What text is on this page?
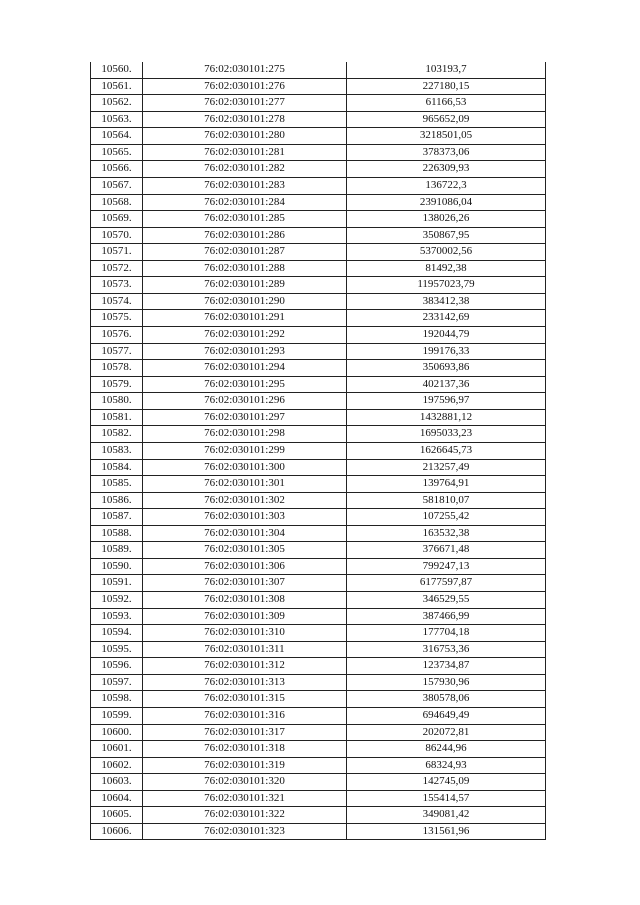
10560.	76:02:030101:275	103193,7
10561.	76:02:030101:276	227180,15
10562.	76:02:030101:277	61166,53
10563.	76:02:030101:278	965652,09
10564.	76:02:030101:280	3218501,05
10565.	76:02:030101:281	378373,06
10566.	76:02:030101:282	226309,93
10567.	76:02:030101:283	136722,3
10568.	76:02:030101:284	2391086,04
10569.	76:02:030101:285	138026,26
10570.	76:02:030101:286	350867,95
10571.	76:02:030101:287	5370002,56
10572.	76:02:030101:288	81492,38
10573.	76:02:030101:289	11957023,79
10574.	76:02:030101:290	383412,38
10575.	76:02:030101:291	233142,69
10576.	76:02:030101:292	192044,79
10577.	76:02:030101:293	199176,33
10578.	76:02:030101:294	350693,86
10579.	76:02:030101:295	402137,36
10580.	76:02:030101:296	197596,97
10581.	76:02:030101:297	1432881,12
10582.	76:02:030101:298	1695033,23
10583.	76:02:030101:299	1626645,73
10584.	76:02:030101:300	213257,49
10585.	76:02:030101:301	139764,91
10586.	76:02:030101:302	581810,07
10587.	76:02:030101:303	107255,42
10588.	76:02:030101:304	163532,38
10589.	76:02:030101:305	376671,48
10590.	76:02:030101:306	799247,13
10591.	76:02:030101:307	6177597,87
10592.	76:02:030101:308	346529,55
10593.	76:02:030101:309	387466,99
10594.	76:02:030101:310	177704,18
10595.	76:02:030101:311	316753,36
10596.	76:02:030101:312	123734,87
10597.	76:02:030101:313	157930,96
10598.	76:02:030101:315	380578,06
10599.	76:02:030101:316	694649,49
10600.	76:02:030101:317	202072,81
10601.	76:02:030101:318	86244,96
10602.	76:02:030101:319	68324,93
10603.	76:02:030101:320	142745,09
10604.	76:02:030101:321	155414,57
10605.	76:02:030101:322	349081,42
10606.	76:02:030101:323	131561,96
